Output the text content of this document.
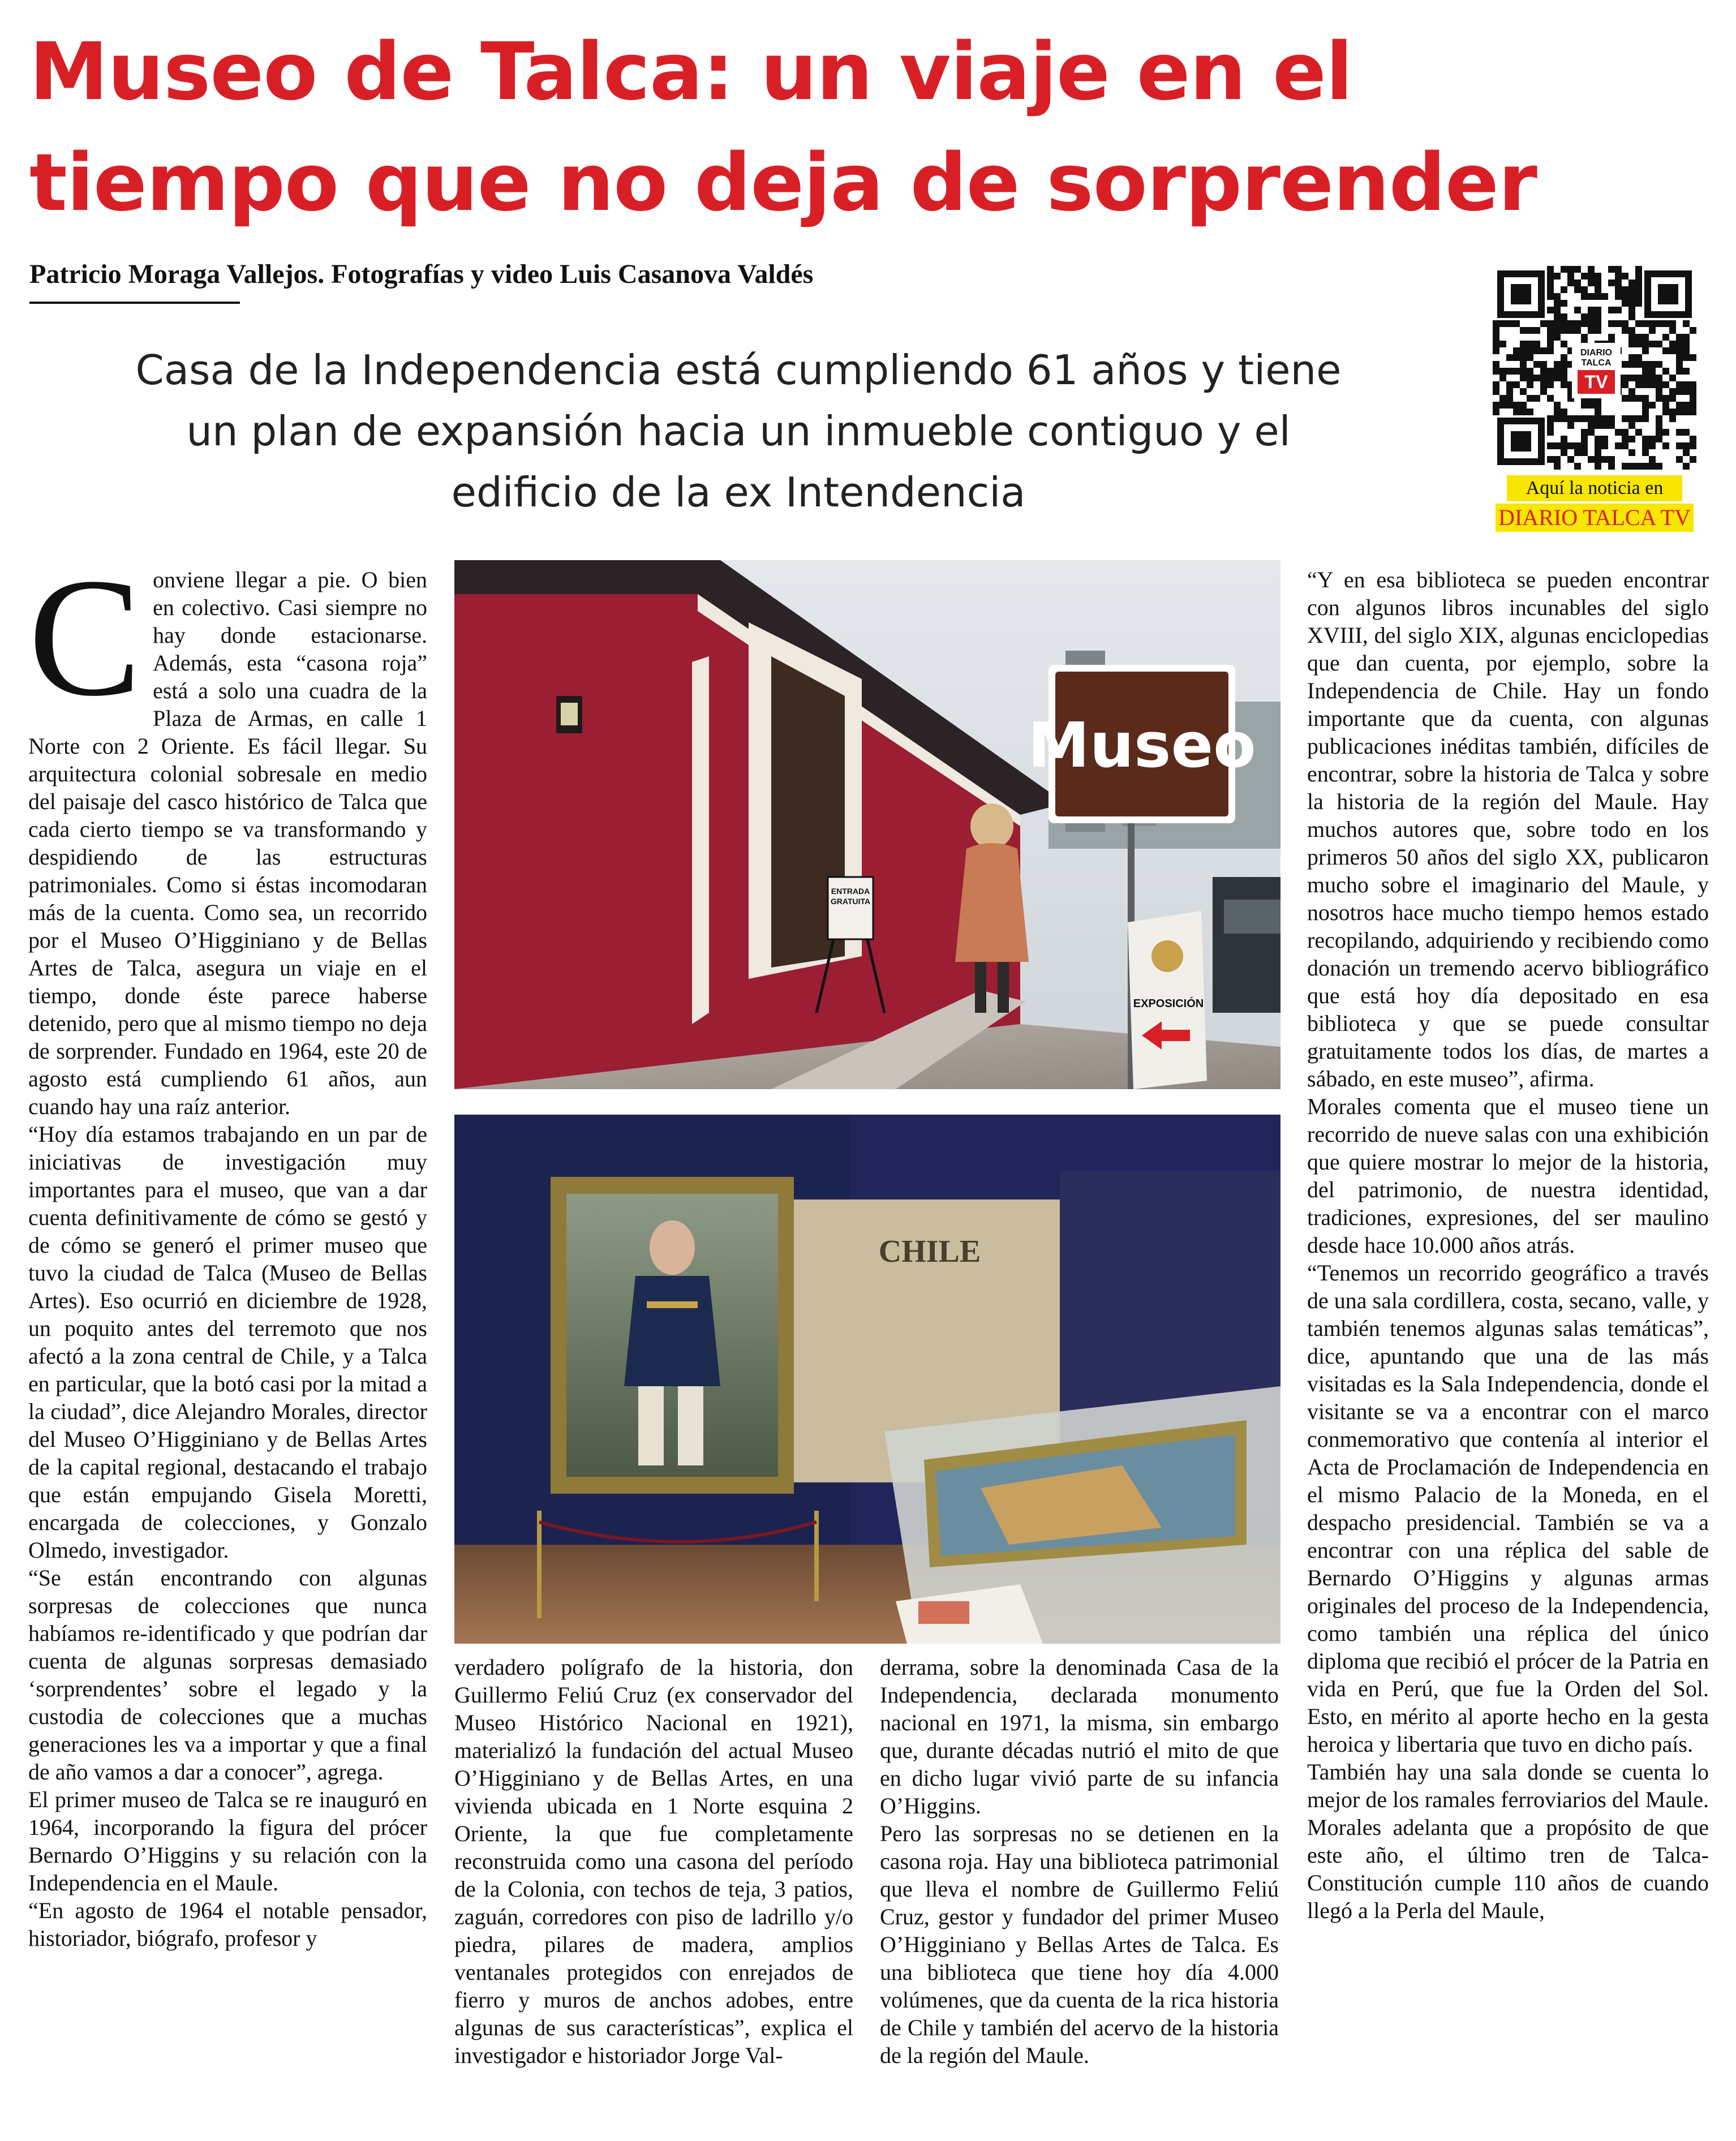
Museo de Talca: un viaje en el
tiempo que no deja de sorprender
Patricio Moraga Vallejos. Fotografías y video Luis Casanova Valdés
Casa de la Independencia está cumpliendo 61 años y tiene
un plan de expansión hacia un inmueble contiguo y el
edificio de la ex Intendencia
DIARIO
TALCA
TV
Aquí la noticia en
DIARIO TALCA TV
C onviene llegar a pie. O bien en colectivo. Casi siempre no hay donde estacionarse. Además, esta “casona roja” está a solo una cuadra de la Plaza de Armas, en calle 1 Norte con 2 Oriente. Es fácil llegar. Su arquitectura colonial sobresale en medio del paisaje del casco histórico de Talca que cada cierto tiempo se va transformando y despidiendo de las estructuras patrimoniales. Como si éstas incomodaran más de la cuenta. Como sea, un recorrido por el Museo O’Higginiano y de Bellas Artes de Talca, asegura un viaje en el tiempo, donde éste parece haberse detenido, pero que al mismo tiempo no deja de sorprender. Fundado en 1964, este 20 de agosto está cumpliendo 61 años, aun cuando hay una raíz anterior.

“Hoy día estamos trabajando en un par de iniciativas de investigación muy importantes para el museo, que van a dar cuenta definitivamente de cómo se gestó y de cómo se generó el primer museo que tuvo la ciudad de Talca (Museo de Bellas Artes). Eso ocurrió en diciembre de 1928, un poquito antes del terremoto que nos afectó a la zona central de Chile, y a Talca en particular, que la botó casi por la mitad a la ciudad”, dice Alejandro Morales, director del Museo O’Higginiano y de Bellas Artes de la capital regional, destacando el trabajo que están empujando Gisela Moretti, encargada de colecciones, y Gonzalo Olmedo, investigador.

“Se están encontrando con algunas sorpresas de colecciones que nunca habíamos re-identificado y que podrían dar cuenta de algunas sorpresas demasiado ‘sorprendentes’ sobre el legado y la custodia de colecciones que a muchas generaciones les va a importar y que a final de año vamos a dar a conocer”, agrega.

El primer museo de Talca se re inauguró en 1964, incorporando la figura del prócer Bernardo O’Higgins y su relación con la Independencia en el Maule.

“En agosto de 1964 el notable pensador, historiador, biógrafo, profesor y

ENTRADA
GRATUITA
Museo
EXPOSICIÓN
CHILE

verdadero polígrafo de la historia, don Guillermo Feliú Cruz (ex conservador del Museo Histórico Nacional en 1921), materializó la fundación del actual Museo O’Higginiano y de Bellas Artes, en una vivienda ubicada en 1 Norte esquina 2 Oriente, la que fue completamente reconstruida como una casona del período de la Colonia, con techos de teja, 3 patios, zaguán, corredores con piso de ladrillo y/o piedra, pilares de madera, amplios ventanales protegidos con enrejados de fierro y muros de anchos adobes, entre algunas de sus características”, explica el investigador e historiador Jorge Val-

derrama, sobre la denominada Casa de la Independencia, declarada monumento nacional en 1971, la misma, sin embargo que, durante décadas nutrió el mito de que en dicho lugar vivió parte de su infancia O’Higgins.

Pero las sorpresas no se detienen en la casona roja. Hay una biblioteca patrimonial que lleva el nombre de Guillermo Feliú Cruz, gestor y fundador del primer Museo O’Higginiano y Bellas Artes de Talca. Es una biblioteca que tiene hoy día 4.000 volúmenes, que da cuenta de la rica historia de Chile y también del acervo de la historia de la región del Maule.

“Y en esa biblioteca se pueden encontrar con algunos libros incunables del siglo XVIII, del siglo XIX, algunas enciclopedias que dan cuenta, por ejemplo, sobre la Independencia de Chile. Hay un fondo importante que da cuenta, con algunas publicaciones inéditas también, difíciles de encontrar, sobre la historia de Talca y sobre la historia de la región del Maule. Hay muchos autores que, sobre todo en los primeros 50 años del siglo XX, publicaron mucho sobre el imaginario del Maule, y nosotros hace mucho tiempo hemos estado recopilando, adquiriendo y recibiendo como donación un tremendo acervo bibliográfico que está hoy día depositado en esa biblioteca y que se puede consultar gratuitamente todos los días, de martes a sábado, en este museo”, afirma.

Morales comenta que el museo tiene un recorrido de nueve salas con una exhibición que quiere mostrar lo mejor de la historia, del patrimonio, de nuestra identidad, tradiciones, expresiones, del ser maulino desde hace 10.000 años atrás.

“Tenemos un recorrido geográfico a través de una sala cordillera, costa, secano, valle, y también tenemos algunas salas temáticas”, dice, apuntando que una de las más visitadas es la Sala Independencia, donde el visitante se va a encontrar con el marco conmemorativo que contenía al interior el Acta de Proclamación de Independencia en el mismo Palacio de la Moneda, en el despacho presidencial. También se va a encontrar con una réplica del sable de Bernardo O’Higgins y algunas armas originales del proceso de la Independencia, como también una réplica del único diploma que recibió el prócer de la Patria en vida en Perú, que fue la Orden del Sol. Esto, en mérito al aporte hecho en la gesta heroica y libertaria que tuvo en dicho país.

También hay una sala donde se cuenta lo mejor de los ramales ferroviarios del Maule. Morales adelanta que a propósito de que este año, el último tren de Talca-Constitución cumple 110 años de cuando llegó a la Perla del Maule,
